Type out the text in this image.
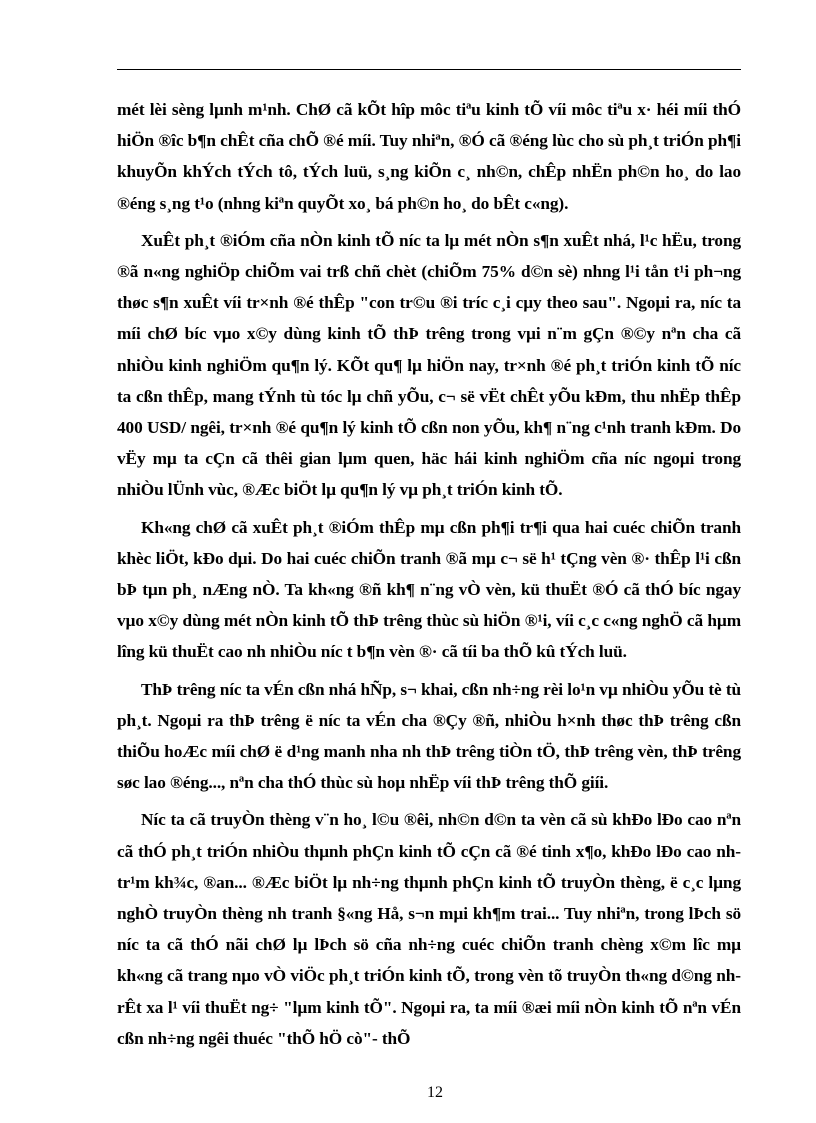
mét lèi sèng lµnh m¹nh. ChØ cã kÕt hîp môc tiªu kinh tÕ víi môc tiªu x· héi míi thÓ hiÖn ®îc b¶n chÊt cña chÕ ®é míi. Tuy nhiªn, ®Ó cã ®éng lùc cho sù ph¸t triÓn ph¶i khuyÕn khÝch tÝch tô, tÝch luü, s¸ng kiÕn c¸ nh©n, chÊp nhËn ph©n ho¸ do lao ®éng s¸ng t¹o (nhng kiªn quyÕt xo¸ bá ph©n ho¸ do bÊt c«ng).

XuÊt ph¸t ®iÓm cña nÒn kinh tÕ níc ta lµ mét nÒn s¶n xuÊt nhá, l¹c hËu, trong ®ã n«ng nghiÖp chiÕm vai trß chñ chèt (chiÕm 75% d©n sè) nhng l¹i tån t¹i ph¬ng thøc s¶n xuÊt víi tr×nh ®é thÊp "con tr©u ®i tríc c¸i cµy theo sau". Ngoµi ra, níc ta míi chØ bíc vµo x©y dùng kinh tÕ thÞ trêng trong vµi n¨m gÇn ®©y nªn cha cã nhiÒu kinh nghiÖm qu¶n lý. KÕt qu¶ lµ hiÖn nay, tr×nh ®é ph¸t triÓn kinh tÕ níc ta cßn thÊp, mang tÝnh tù tóc lµ chñ yÕu, c¬ së vËt chÊt yÕu kÐm, thu nhËp thÊp 400 USD/ ngêi, tr×nh ®é qu¶n lý kinh tÕ cßn non yÕu, kh¶ n¨ng c¹nh tranh kÐm. Do vËy mµ ta cÇn cã thêi gian lµm quen, häc hái kinh nghiÖm cña níc ngoµi trong nhiÒu lÜnh vùc, ®Æc biÖt lµ qu¶n lý vµ ph¸t triÓn kinh tÕ.

Kh«ng chØ cã xuÊt ph¸t ®iÓm thÊp mµ cßn ph¶i tr¶i qua hai cuéc chiÕn tranh khèc liÖt, kÐo dµi. Do hai cuéc chiÕn tranh ®ã mµ c¬ së h¹ tÇng vèn ®· thÊp l¹i cßn bÞ tµn ph¸ nÆng nÒ. Ta kh«ng ®ñ kh¶ n¨ng vÒ vèn, kü thuËt ®Ó cã thÓ bíc ngay vµo x©y dùng mét nÒn kinh tÕ thÞ trêng thùc sù hiÖn ®¹i, víi c¸c c«ng nghÖ cã hµm lîng kü thuËt cao nh nhiÒu níc t b¶n vèn ®· cã tíi ba thÕ kû tÝch luü.

ThÞ trêng níc ta vÉn cßn nhá hÑp, s¬ khai, cßn nh÷ng rèi lo¹n vµ nhiÒu yÕu tè tù ph¸t. Ngoµi ra thÞ trêng ë níc ta vÉn cha ®Çy ®ñ, nhiÒu h×nh thøc thÞ trêng cßn thiÕu hoÆc míi chØ ë d¹ng manh nha nh thÞ trêng tiÒn tÖ, thÞ trêng vèn, thÞ trêng søc lao ®éng..., nªn cha thÓ thùc sù hoµ nhËp víi thÞ trêng thÕ giíi.

Níc ta cã truyÒn thèng v¨n ho¸ l©u ®êi, nh©n d©n ta vèn cã sù khÐo lÐo cao nªn cã thÓ ph¸t triÓn nhiÒu thµnh phÇn kinh tÕ cÇn cã ®é tinh x¶o, khÐo lÐo cao nh tr¹m kh¾c, ®an... ®Æc biÖt lµ nh÷ng thµnh phÇn kinh tÕ truyÒn thèng, ë c¸c lµng nghÒ truyÒn thèng nh tranh §«ng Hå, s¬n mµi kh¶m trai... Tuy nhiªn, trong lÞch sö níc ta cã thÓ nãi chØ lµ lÞch sö cña nh÷ng cuéc chiÕn tranh chèng x©m lîc mµ kh«ng cã trang nµo vÒ viÖc ph¸t triÓn kinh tÕ, trong vèn tõ truyÒn th«ng d©ng nh rÊt xa l¹ víi thuËt ng÷ "lµm kinh tÕ". Ngoµi ra, ta míi ®æi míi nÒn kinh tÕ nªn vÉn cßn nh÷ng ngêi thuéc "thÕ hÖ cò"- thÕ

12
